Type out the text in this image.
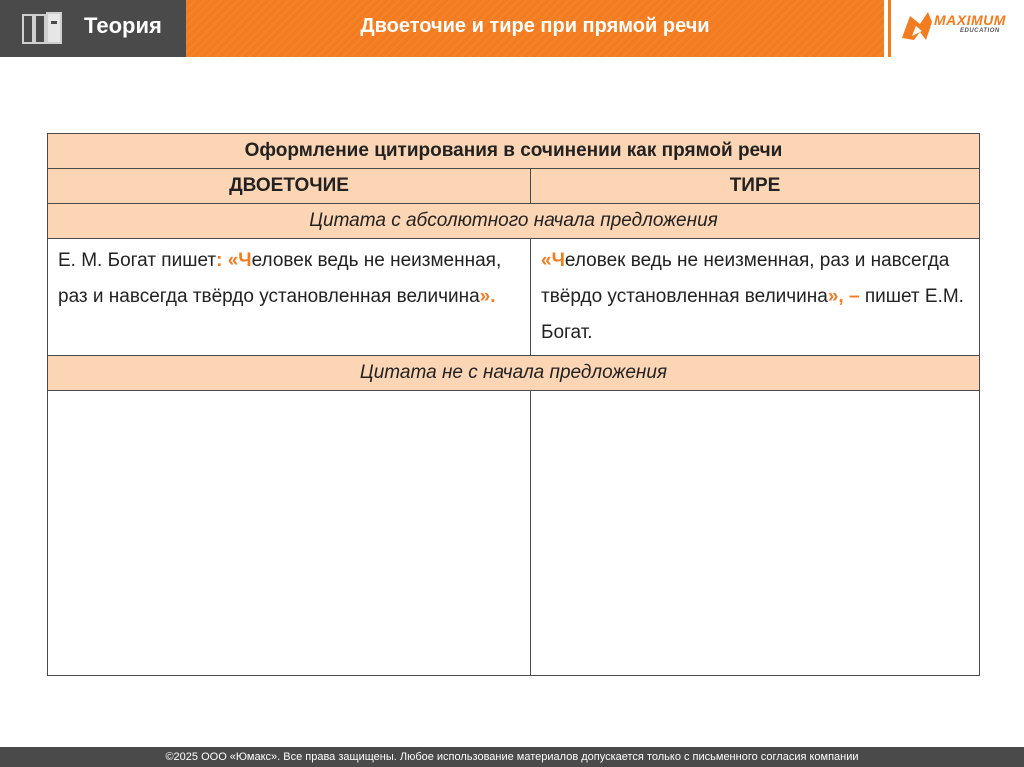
Теория	Двоеточие и тире при прямой речи	MAXIMUM
EDUCATION
Оформление цитирования в сочинении как прямой речи	
ДВОЕТОЧИЕ	ТИРЕ
Цитата с абсолютного начала предложения	
Е. М. Богат пишет: «Человек ведь не неизменная, раз и навсегда твёрдо установленная величина».	«Человек ведь не неизменная, раз и навсегда твёрдо установленная величина», – пишет Е.М. Богат.
Цитата не с начала предложения	

©2025 ООО «Юмакс». Все права защищены. Любое использование материалов допускается только с письменного согласия компании
